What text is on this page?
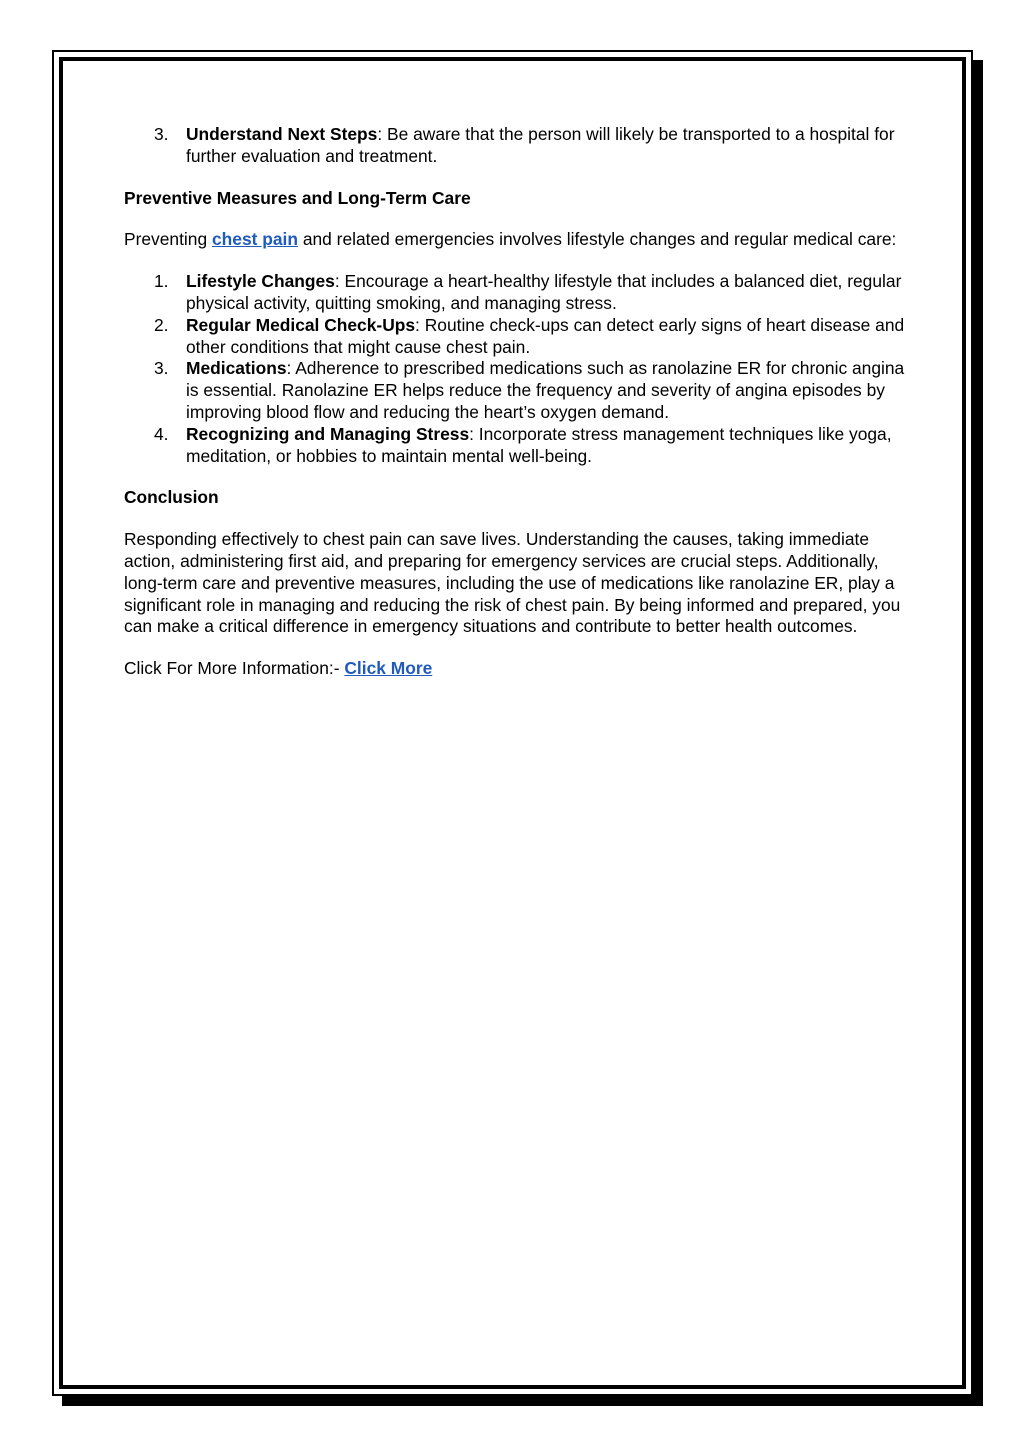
3. Understand Next Steps: Be aware that the person will likely be transported to a hospital for further evaluation and treatment.
Preventive Measures and Long-Term Care

Preventing chest pain and related emergencies involves lifestyle changes and regular medical care:

1. Lifestyle Changes: Encourage a heart-healthy lifestyle that includes a balanced diet, regular physical activity, quitting smoking, and managing stress.
2. Regular Medical Check-Ups: Routine check-ups can detect early signs of heart disease and other conditions that might cause chest pain.
3. Medications: Adherence to prescribed medications such as ranolazine ER for chronic angina is essential. Ranolazine ER helps reduce the frequency and severity of angina episodes by improving blood flow and reducing the heart’s oxygen demand.
4. Recognizing and Managing Stress: Incorporate stress management techniques like yoga, meditation, or hobbies to maintain mental well-being.
Conclusion

Responding effectively to chest pain can save lives. Understanding the causes, taking immediate action, administering first aid, and preparing for emergency services are crucial steps. Additionally, long-term care and preventive measures, including the use of medications like ranolazine ER, play a significant role in managing and reducing the risk of chest pain. By being informed and prepared, you can make a critical difference in emergency situations and contribute to better health outcomes.

Click For More Information:- Click More
